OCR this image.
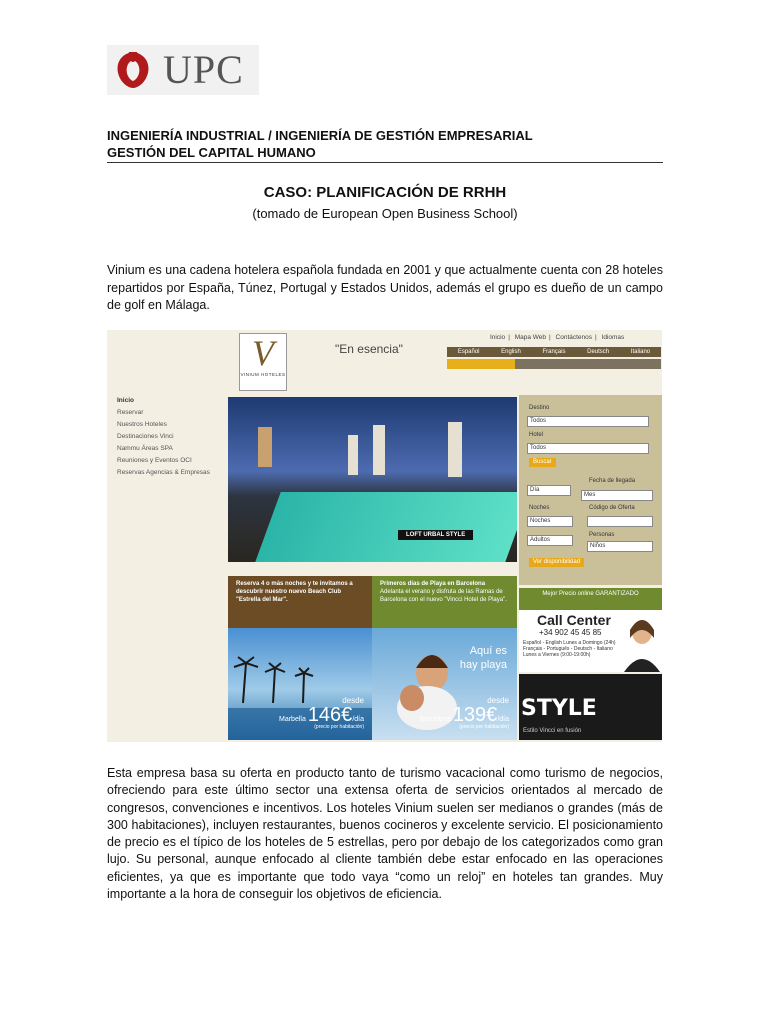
UPC
INGENIERÍA INDUSTRIAL / INGENIERÍA DE GESTIÓN EMPRESARIAL
GESTIÓN DEL CAPITAL HUMANO
CASO: PLANIFICACIÓN DE RRHH
(tomado de European Open Business School)
Vinium es una cadena hotelera española fundada en 2001 y que actualmente cuenta con 28 hoteles repartidos por España, Túnez, Portugal y Estados Unidos, además el grupo es dueño de un campo de golf en Málaga.
V
VINIUM HOTELES
"En esencia"
Inicio | Mapa Web | Contáctenos | Idiomas
Español	English	Français	Deutsch	Italiano
Inicio
Reservar
Nuestros Hoteles
Destinaciones Vinci
Nammu Áreas SPA
Reuniones y Eventos OCI
Reservas Agencias & Empresas
LOFT URBAL STYLE
Destino
Todos
Hotel
Todos
Buscar
Fecha de llegada
Día
Mes
Noches	Código de Oferta
Noches
Personas
Adultos
Niños
Ver disponibilidad
Reserva 4 o más noches y te invitamos a descubrir nuestro nuevo Beach Club "Estrella del Mar".
Primeros días de Playa en Barcelona
Adelanta el verano y disfruta de las Ramas de Barcelona con el nuevo "Vincci Hotel de Playa".
desde
Marbella 146€/día
(precio por habitación)
Aquí es hay playa
desde
Barcelona 139€/día
(precio por habitación)
Mejor Precio online GARANTIZADO
Call Center
+34 902 45 45 85
Español - English Lunes a Domingo (24h) Français - Português - Deutsch - Italiano Lunes a Viernes (9:00-19:00h)
STYLE
Estilo Vincci en fusión
Esta empresa basa su oferta en producto tanto de turismo vacacional como turismo de negocios, ofreciendo para este último sector una extensa oferta de servicios orientados al mercado de congresos, convenciones e incentivos. Los hoteles Vinium suelen ser medianos o grandes (más de 300 habitaciones), incluyen restaurantes, buenos cocineros y excelente servicio. El posicionamiento de precio es el típico de los hoteles de 5 estrellas, pero por debajo de los categorizados como gran lujo. Su personal, aunque enfocado al cliente también debe estar enfocado en las operaciones eficientes, ya que es importante que todo vaya “como un reloj” en hoteles tan grandes. Muy importante a la hora de conseguir los objetivos de eficiencia.
